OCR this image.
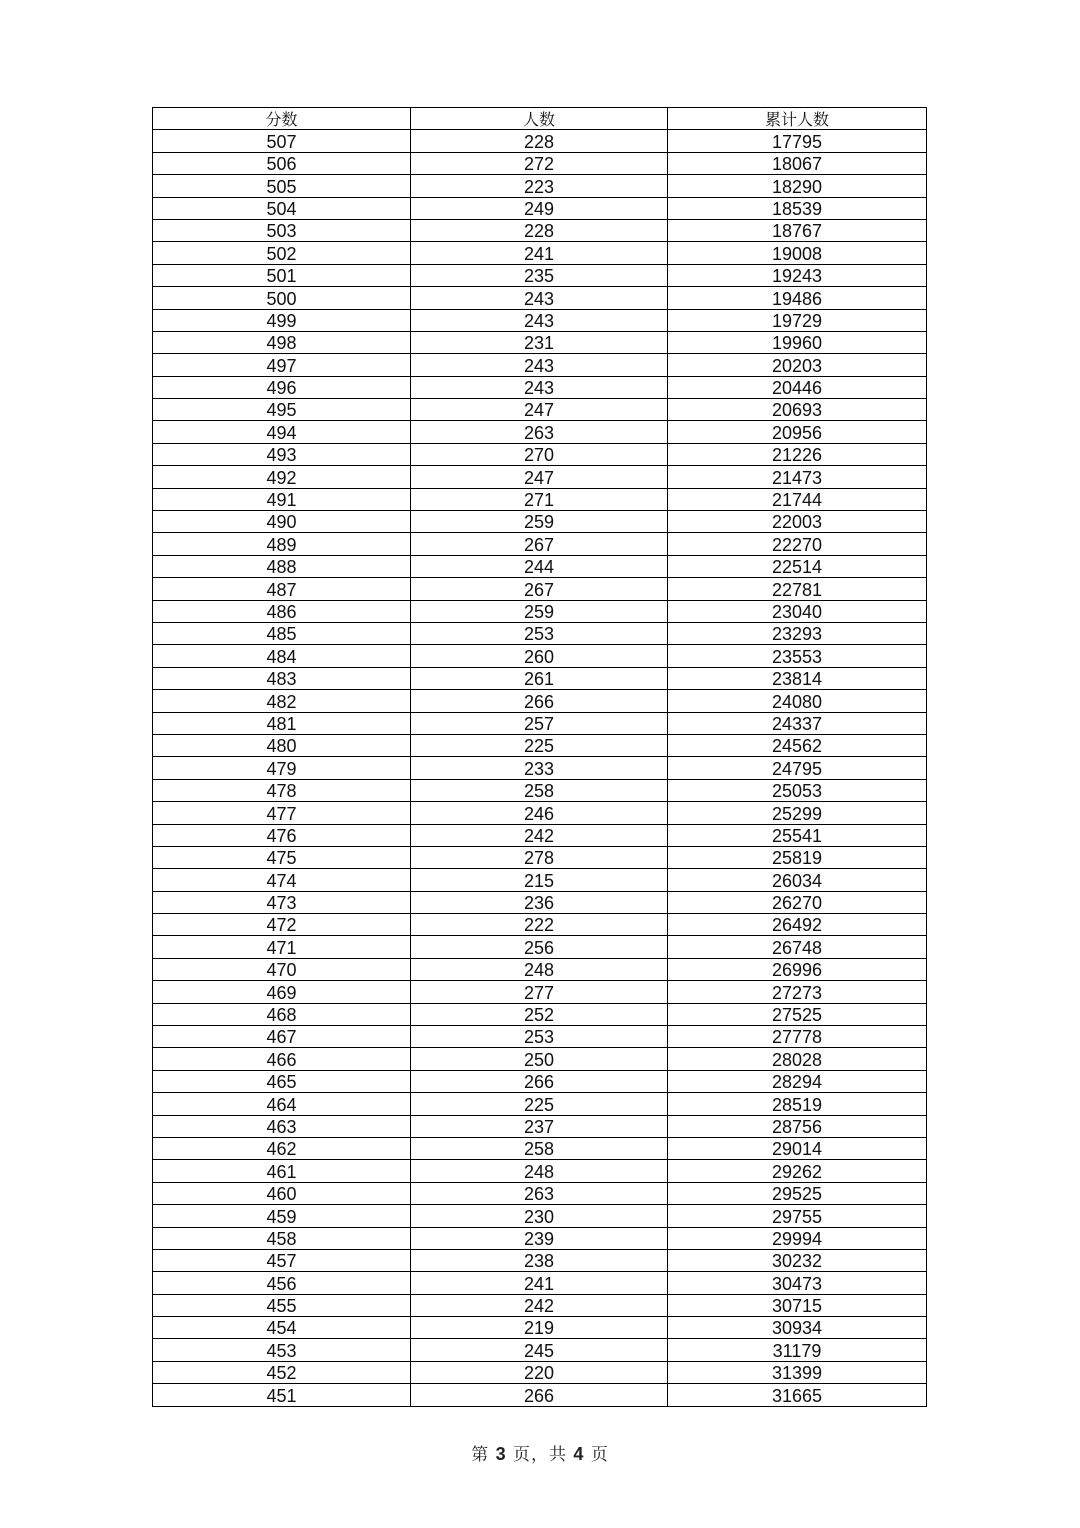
分数	人数	累计人数
507	228	17795
506	272	18067
505	223	18290
504	249	18539
503	228	18767
502	241	19008
501	235	19243
500	243	19486
499	243	19729
498	231	19960
497	243	20203
496	243	20446
495	247	20693
494	263	20956
493	270	21226
492	247	21473
491	271	21744
490	259	22003
489	267	22270
488	244	22514
487	267	22781
486	259	23040
485	253	23293
484	260	23553
483	261	23814
482	266	24080
481	257	24337
480	225	24562
479	233	24795
478	258	25053
477	246	25299
476	242	25541
475	278	25819
474	215	26034
473	236	26270
472	222	26492
471	256	26748
470	248	26996
469	277	27273
468	252	27525
467	253	27778
466	250	28028
465	266	28294
464	225	28519
463	237	28756
462	258	29014
461	248	29262
460	263	29525
459	230	29755
458	239	29994
457	238	30232
456	241	30473
455	242	30715
454	219	30934
453	245	31179
452	220	31399
451	266	31665
第 3 页，共 4 页
